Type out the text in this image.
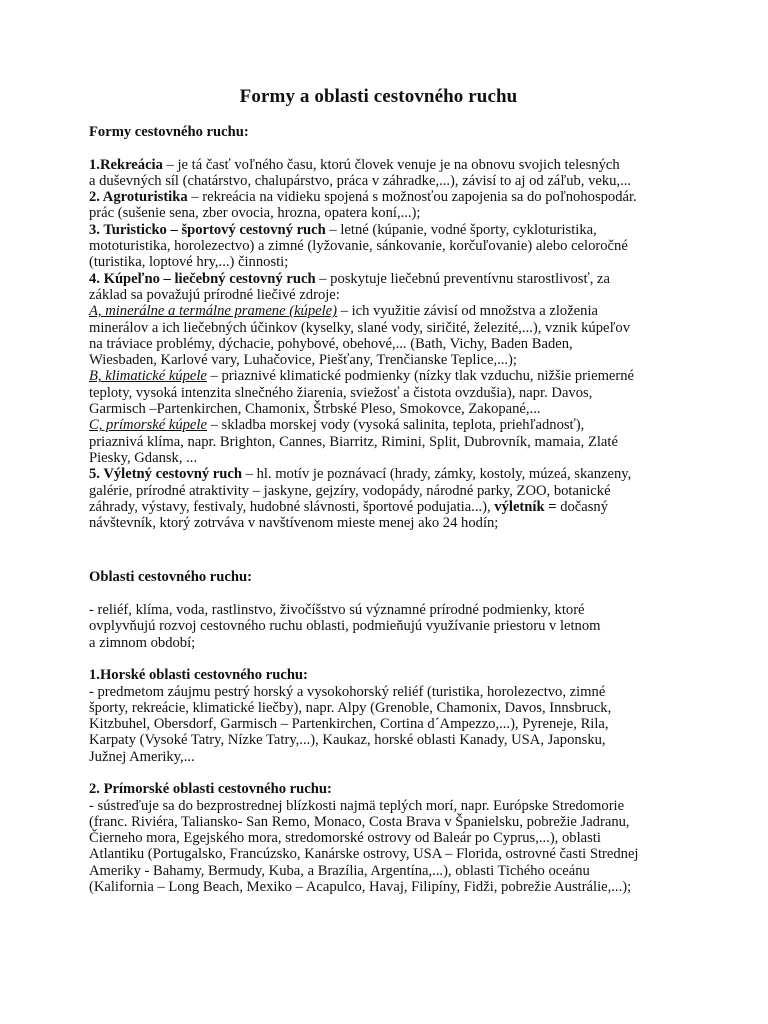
Formy a oblasti cestovného ruchu
Formy cestovného ruchu:
1.Rekreácia – je tá časť voľného času, ktorú človek venuje je na obnovu svojich telesných
a duševných síl (chatárstvo, chalupárstvo, práca v záhradke,...), závisí to aj od záľub, veku,...
2. Agroturistika – rekreácia na vidieku spojená s možnosťou zapojenia sa do poľnohospodár.
prác (sušenie sena, zber ovocia, hrozna, opatera koní,...);
3. Turisticko – športový cestovný ruch – letné (kúpanie, vodné športy, cykloturistika,
mototuristika, horolezectvo) a zimné (lyžovanie, sánkovanie, korčuľovanie) alebo celoročné
(turistika, loptové hry,...) činnosti;
4. Kúpeľno – liečebný cestovný ruch – poskytuje liečebnú preventívnu starostlivosť, za
základ sa považujú prírodné liečivé zdroje:
A, minerálne a termálne pramene (kúpele) – ich využitie závisí od množstva a zloženia
minerálov a ich liečebných účinkov (kyselky, slané vody, siričité, železité,...), vznik kúpeľov
na tráviace problémy, dýchacie, pohybové, obehové,... (Bath, Vichy, Baden Baden,
Wiesbaden, Karlové vary, Luhačovice, Piešťany, Trenčianske Teplice,...);
B, klimatické kúpele – priaznivé klimatické podmienky (nízky tlak vzduchu, nižšie priemerné
teploty, vysoká intenzita slnečného žiarenia, sviežosť a čistota ovzdušia), napr. Davos,
Garmisch –Partenkirchen, Chamonix, Štrbské Pleso, Smokovce, Zakopané,...
C, prímorské kúpele – skladba morskej vody (vysoká salinita, teplota, priehľadnosť),
priaznivá klíma, napr. Brighton, Cannes, Biarritz, Rimini, Split, Dubrovník, mamaia, Zlaté
Piesky, Gdansk, ...
5. Výletný cestovný ruch – hl. motív je poznávací (hrady, zámky, kostoly, múzeá, skanzeny,
galérie, prírodné atraktivity – jaskyne, gejzíry, vodopády, národné parky, ZOO, botanické
záhrady, výstavy, festivaly, hudobné slávnosti, športové podujatia...), výletník = dočasný
návštevník, ktorý zotrváva v navštívenom mieste menej ako 24 hodín;
Oblasti cestovného ruchu:
- reliéf, klíma, voda, rastlinstvo, živočíšstvo sú významné prírodné podmienky, ktoré
ovplyvňujú rozvoj cestovného ruchu oblasti, podmieňujú využívanie priestoru v letnom
a zimnom období;
1.Horské oblasti cestovného ruchu:
- predmetom záujmu pestrý horský a vysokohorský reliéf (turistika, horolezectvo, zimné
športy, rekreácie, klimatické liečby), napr. Alpy (Grenoble, Chamonix, Davos, Innsbruck,
Kitzbuhel, Obersdorf, Garmisch – Partenkirchen, Cortina d´Ampezzo,...), Pyreneje, Rila,
Karpaty (Vysoké Tatry, Nízke Tatry,...), Kaukaz, horské oblasti Kanady, USA, Japonsku,
Južnej Ameriky,...
2. Prímorské oblasti cestovného ruchu:
- sústreďuje sa do bezprostrednej blízkosti najmä teplých morí, napr. Európske Stredomorie
(franc. Riviéra, Taliansko- San Remo, Monaco, Costa Brava v Španielsku, pobrežie Jadranu,
Čierneho mora, Egejského mora, stredomorské ostrovy od Baleár po Cyprus,...), oblasti
Atlantiku (Portugalsko, Francúzsko, Kanárske ostrovy, USA – Florida, ostrovné časti Strednej
Ameriky - Bahamy, Bermudy, Kuba, a Brazília, Argentína,...), oblasti Tichého oceánu
(Kalifornia – Long Beach, Mexiko – Acapulco, Havaj, Filipíny, Fidži, pobrežie Austrálie,...);
